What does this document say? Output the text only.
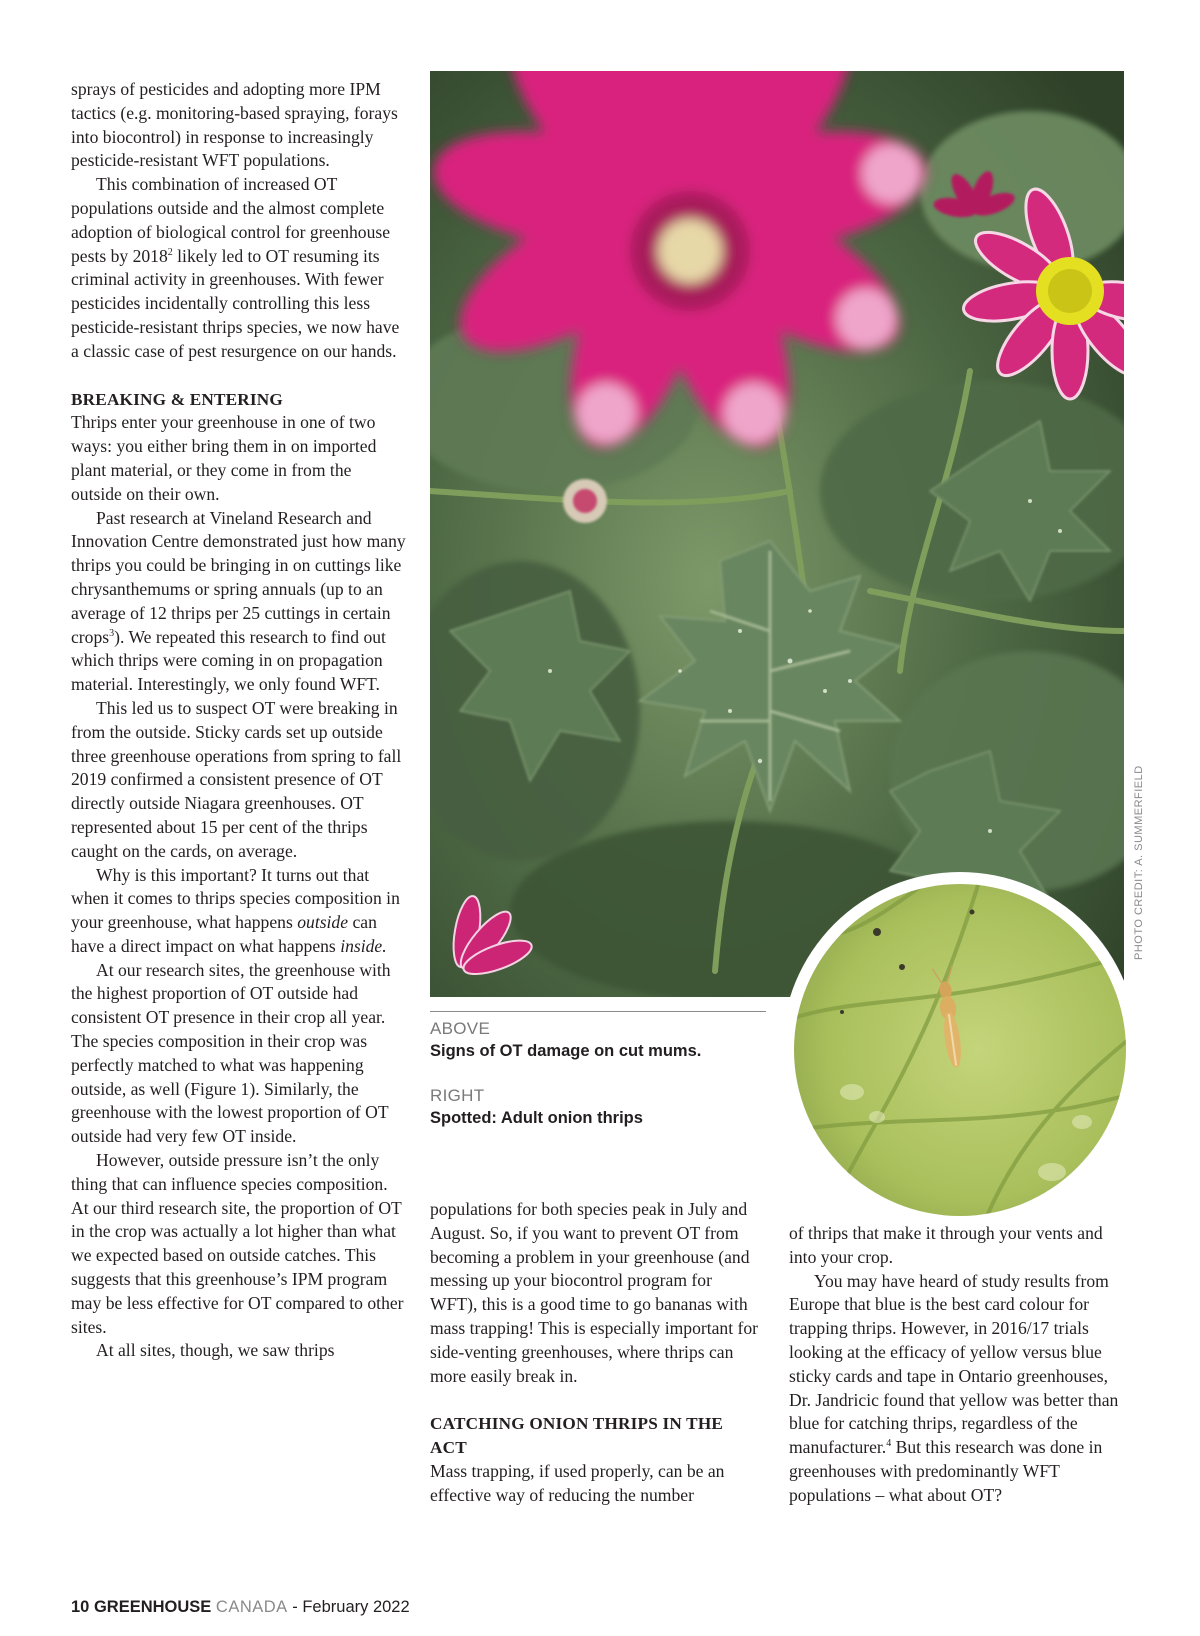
sprays of pesticides and adopting more IPM tactics (e.g. monitoring-based spraying, forays into biocontrol) in response to increasingly pesticide-resistant WFT populations.

This combination of increased OT populations outside and the almost complete adoption of biological control for greenhouse pests by 2018$^2$ likely led to OT resuming its criminal activity in greenhouses. With fewer pesticides incidentally controlling this less pesticide-resistant thrips species, we now have a classic case of pest resurgence on our hands.

BREAKING & ENTERING

Thrips enter your greenhouse in one of two ways: you either bring them in on imported plant material, or they come in from the outside on their own.

Past research at Vineland Research and Innovation Centre demonstrated just how many thrips you could be bringing in on cuttings like chrysanthemums or spring annuals (up to an average of 12 thrips per 25 cuttings in certain crops$^3$). We repeated this research to find out which thrips were coming in on propagation material. Interestingly, we only found WFT.

This led us to suspect OT were breaking in from the outside. Sticky cards set up outside three greenhouse operations from spring to fall 2019 confirmed a consistent presence of OT directly outside Niagara greenhouses. OT represented about 15 per cent of the thrips caught on the cards, on average.

Why is this important? It turns out that when it comes to thrips species composition in your greenhouse, what happens outside can have a direct impact on what happens inside.

At our research sites, the greenhouse with the highest proportion of OT outside had consistent OT presence in their crop all year. The species composition in their crop was perfectly matched to what was happening outside, as well (Figure 1). Similarly, the greenhouse with the lowest proportion of OT outside had very few OT inside.

However, outside pressure isn’t the only thing that can influence species composition. At our third research site, the proportion of OT in the crop was actually a lot higher than what we expected based on outside catches. This suggests that this greenhouse’s IPM program may be less effective for OT compared to other sites.

At all sites, though, we saw thrips

PHOTO CREDIT: A. SUMMERFIELD
ABOVE
Signs of OT damage on cut mums.
RIGHT
Spotted: Adult onion thrips

populations for both species peak in July and August. So, if you want to prevent OT from becoming a problem in your greenhouse (and messing up your biocontrol program for WFT), this is a good time to go bananas with mass trapping! This is especially important for side-venting greenhouses, where thrips can more easily break in.

CATCHING ONION THRIPS IN THE ACT

Mass trapping, if used properly, can be an effective way of reducing the number

of thrips that make it through your vents and into your crop.

You may have heard of study results from Europe that blue is the best card colour for trapping thrips. However, in 2016/17 trials looking at the efficacy of yellow versus blue sticky cards and tape in Ontario greenhouses, Dr. Jandricic found that yellow was better than blue for catching thrips, regardless of the manufacturer.$^4$ But this research was done in greenhouses with predominantly WFT populations – what about OT?

10 GREENHOUSE CANADA - February 2022
